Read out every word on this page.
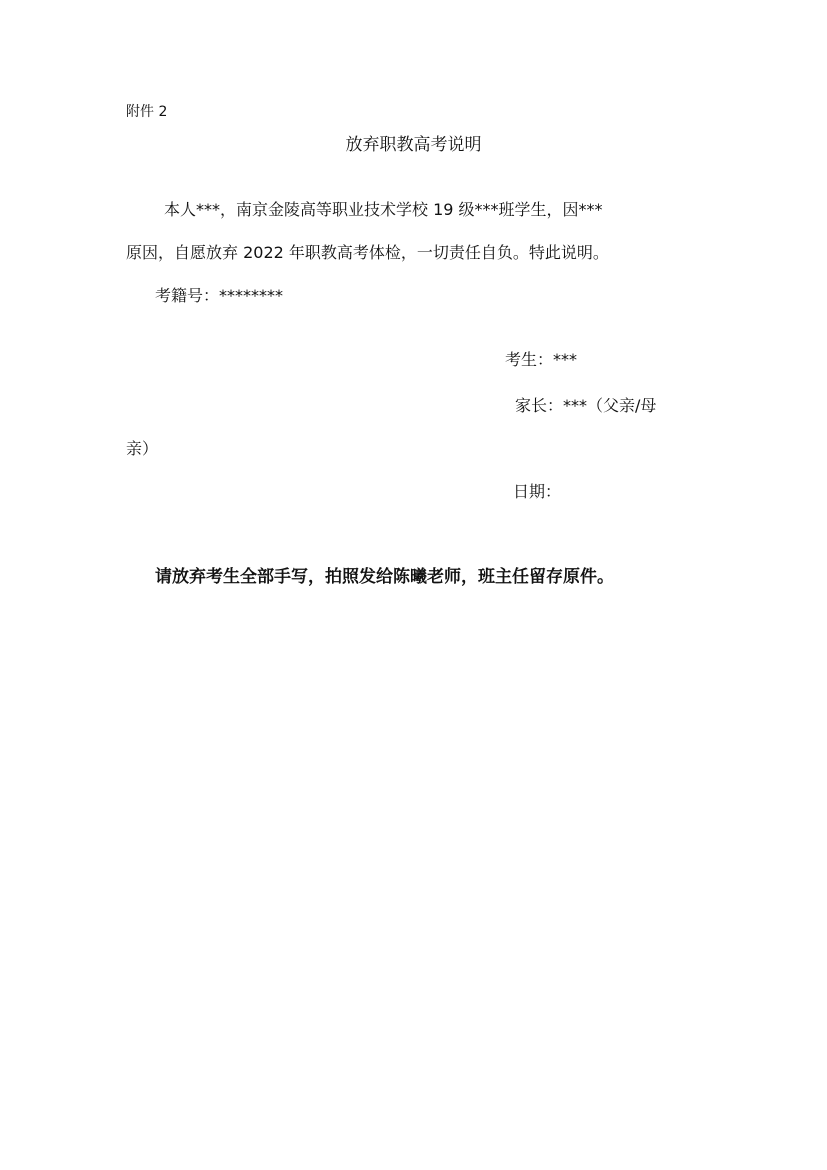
附件 2

放弃职教高考说明

本人***，南京金陵高等职业技术学校 19 级***班学生，因***

原因，自愿放弃 2022 年职教高考体检，一切责任自负。特此说明。

考籍号：********

考生：***

家长：***（父亲/母

亲）

日期：

请放弃考生全部手写，拍照发给陈曦老师，班主任留存原件。
